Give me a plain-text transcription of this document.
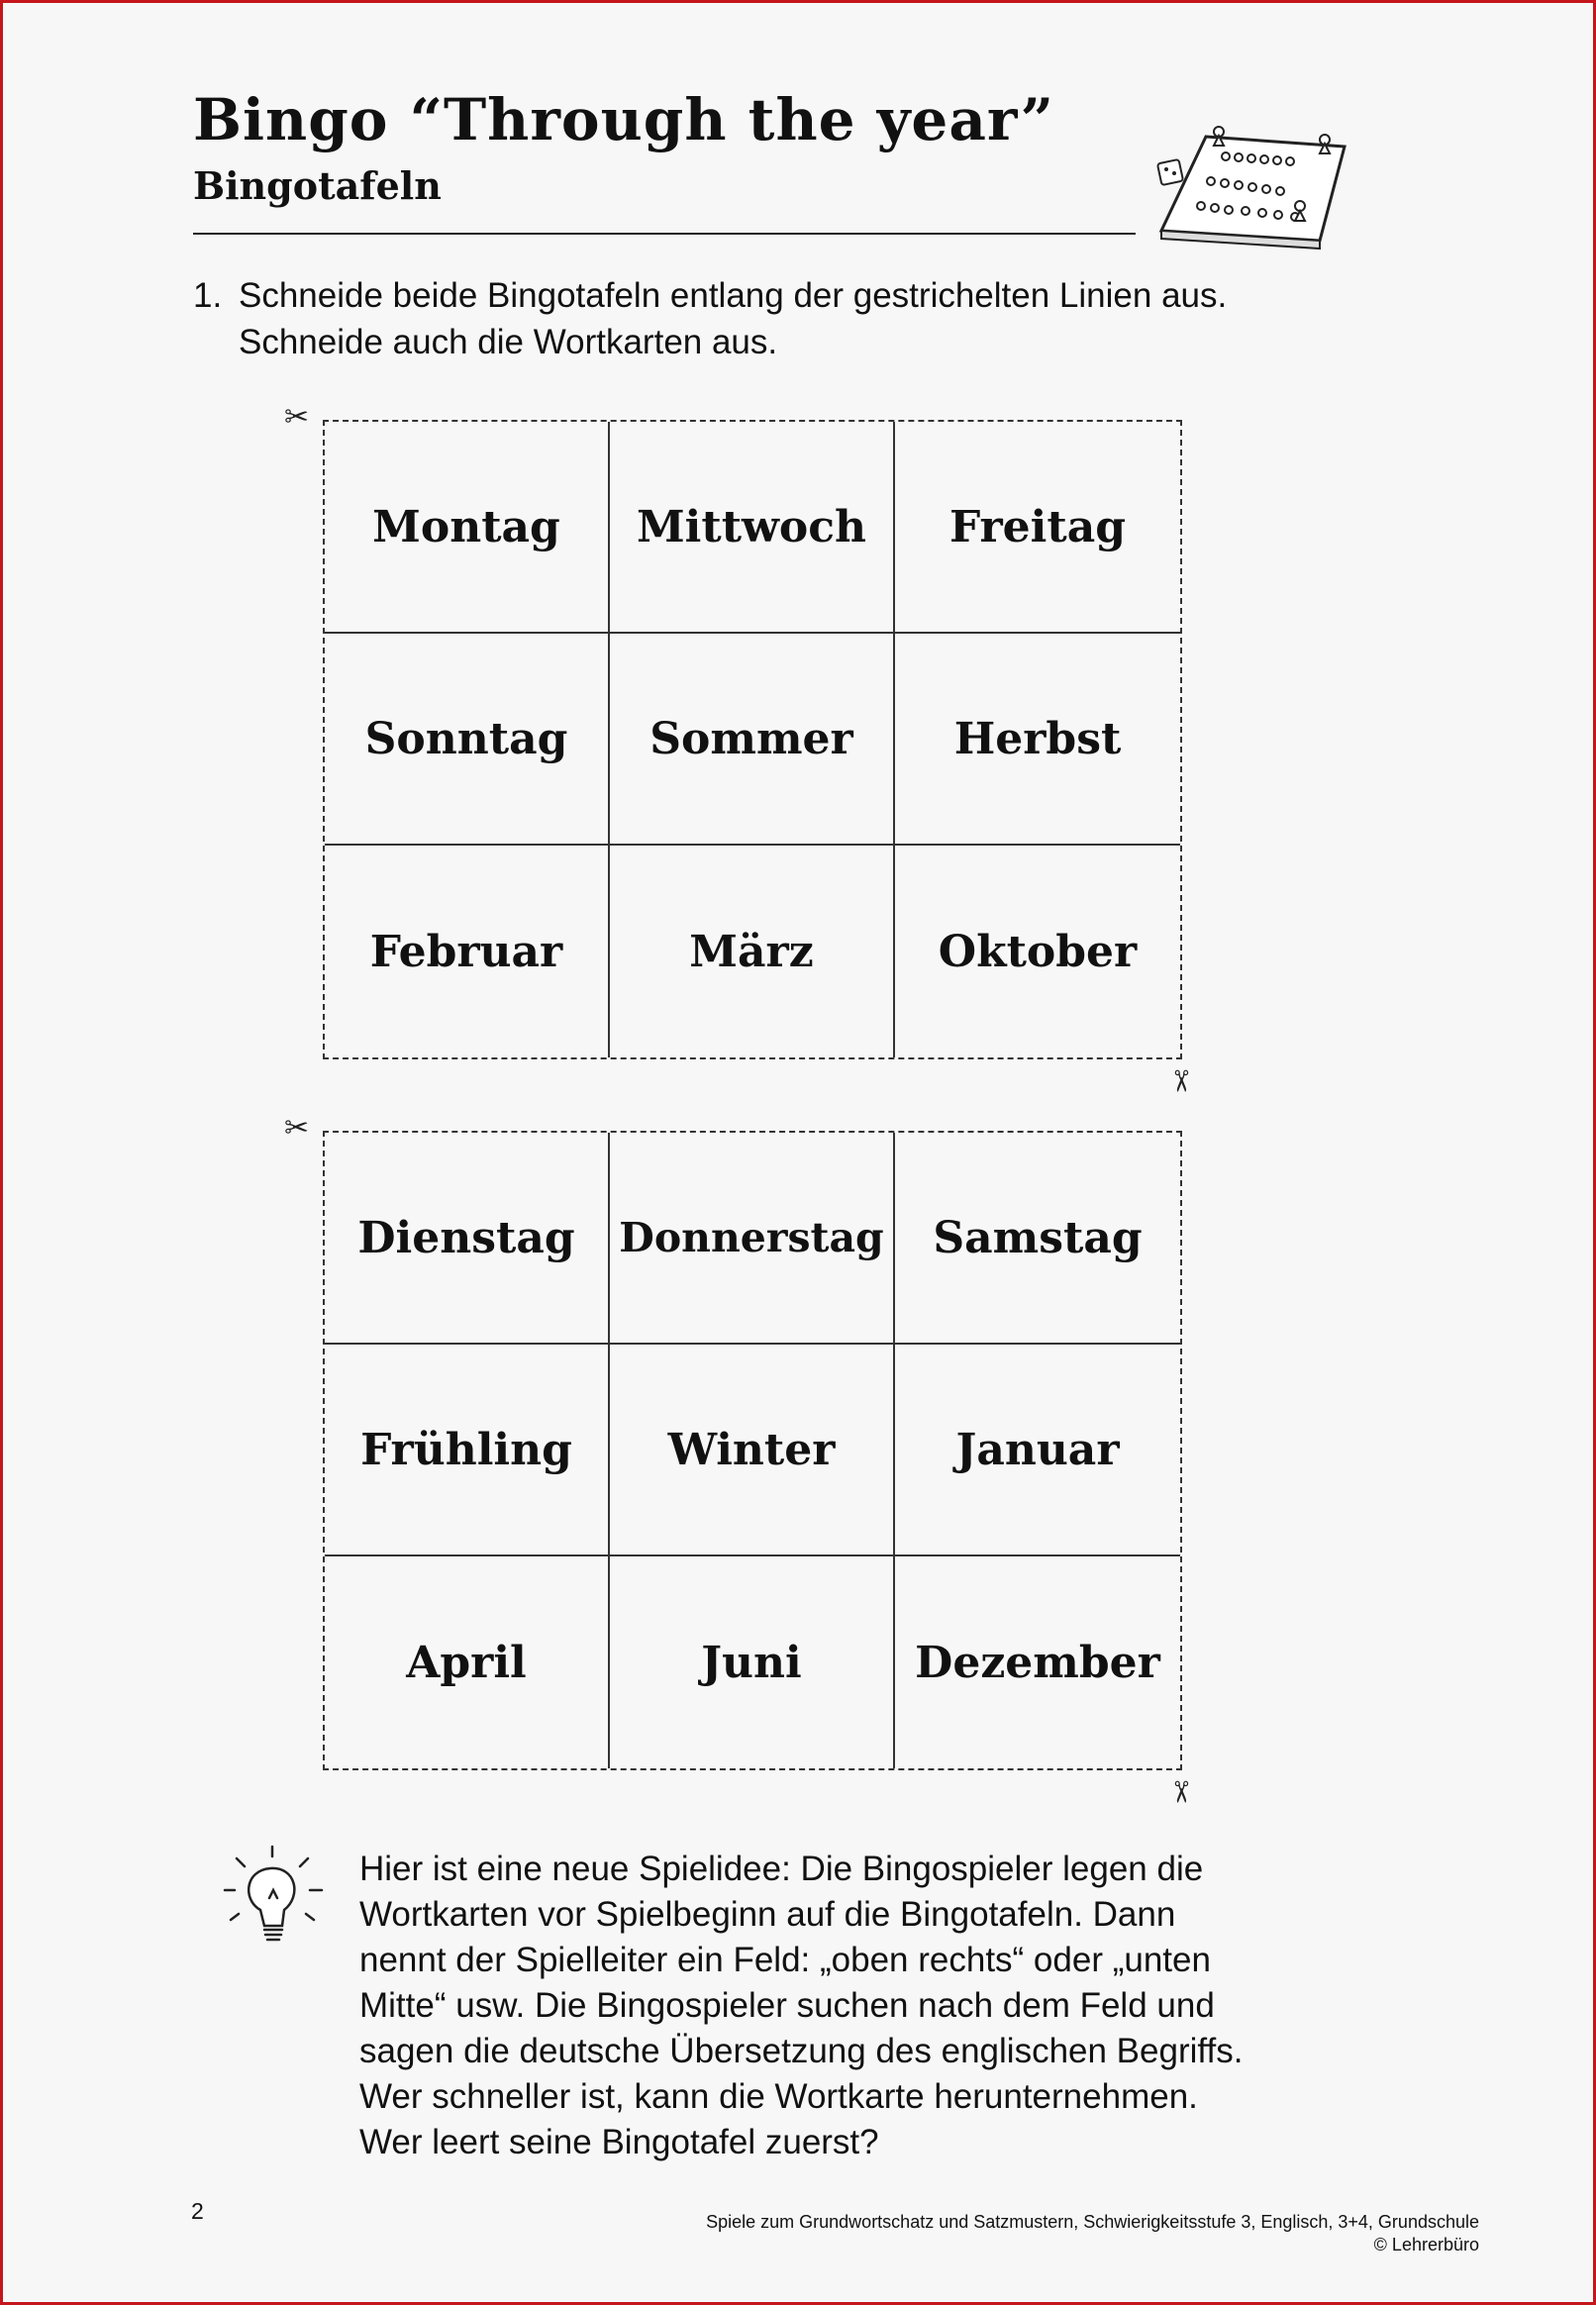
Bingo “Through the year”
Bingotafeln
1. Schneide beide Bingotafeln entlang der gestrichelten Linien aus.
Schneide auch die Wortkarten aus.
✂
Montag	Mittwoch	Freitag
Sonntag	Sommer	Herbst
Februar	März	Oktober
✂
✂
Dienstag	Donnerstag	Samstag
Frühling	Winter	Januar
April	Juni	Dezember
✂
Hier ist eine neue Spielidee: Die Bingospieler legen die
Wortkarten vor Spielbeginn auf die Bingotafeln. Dann
nennt der Spielleiter ein Feld: „oben rechts“ oder „unten
Mitte“ usw. Die Bingospieler suchen nach dem Feld und
sagen die deutsche Übersetzung des englischen Begriffs.
Wer schneller ist, kann die Wortkarte herunternehmen.
Wer leert seine Bingotafel zuerst?
2	Spiele zum Grundwortschatz und Satzmustern, Schwierigkeitsstufe 3, Englisch, 3+4, Grundschule
© Lehrerbüro
